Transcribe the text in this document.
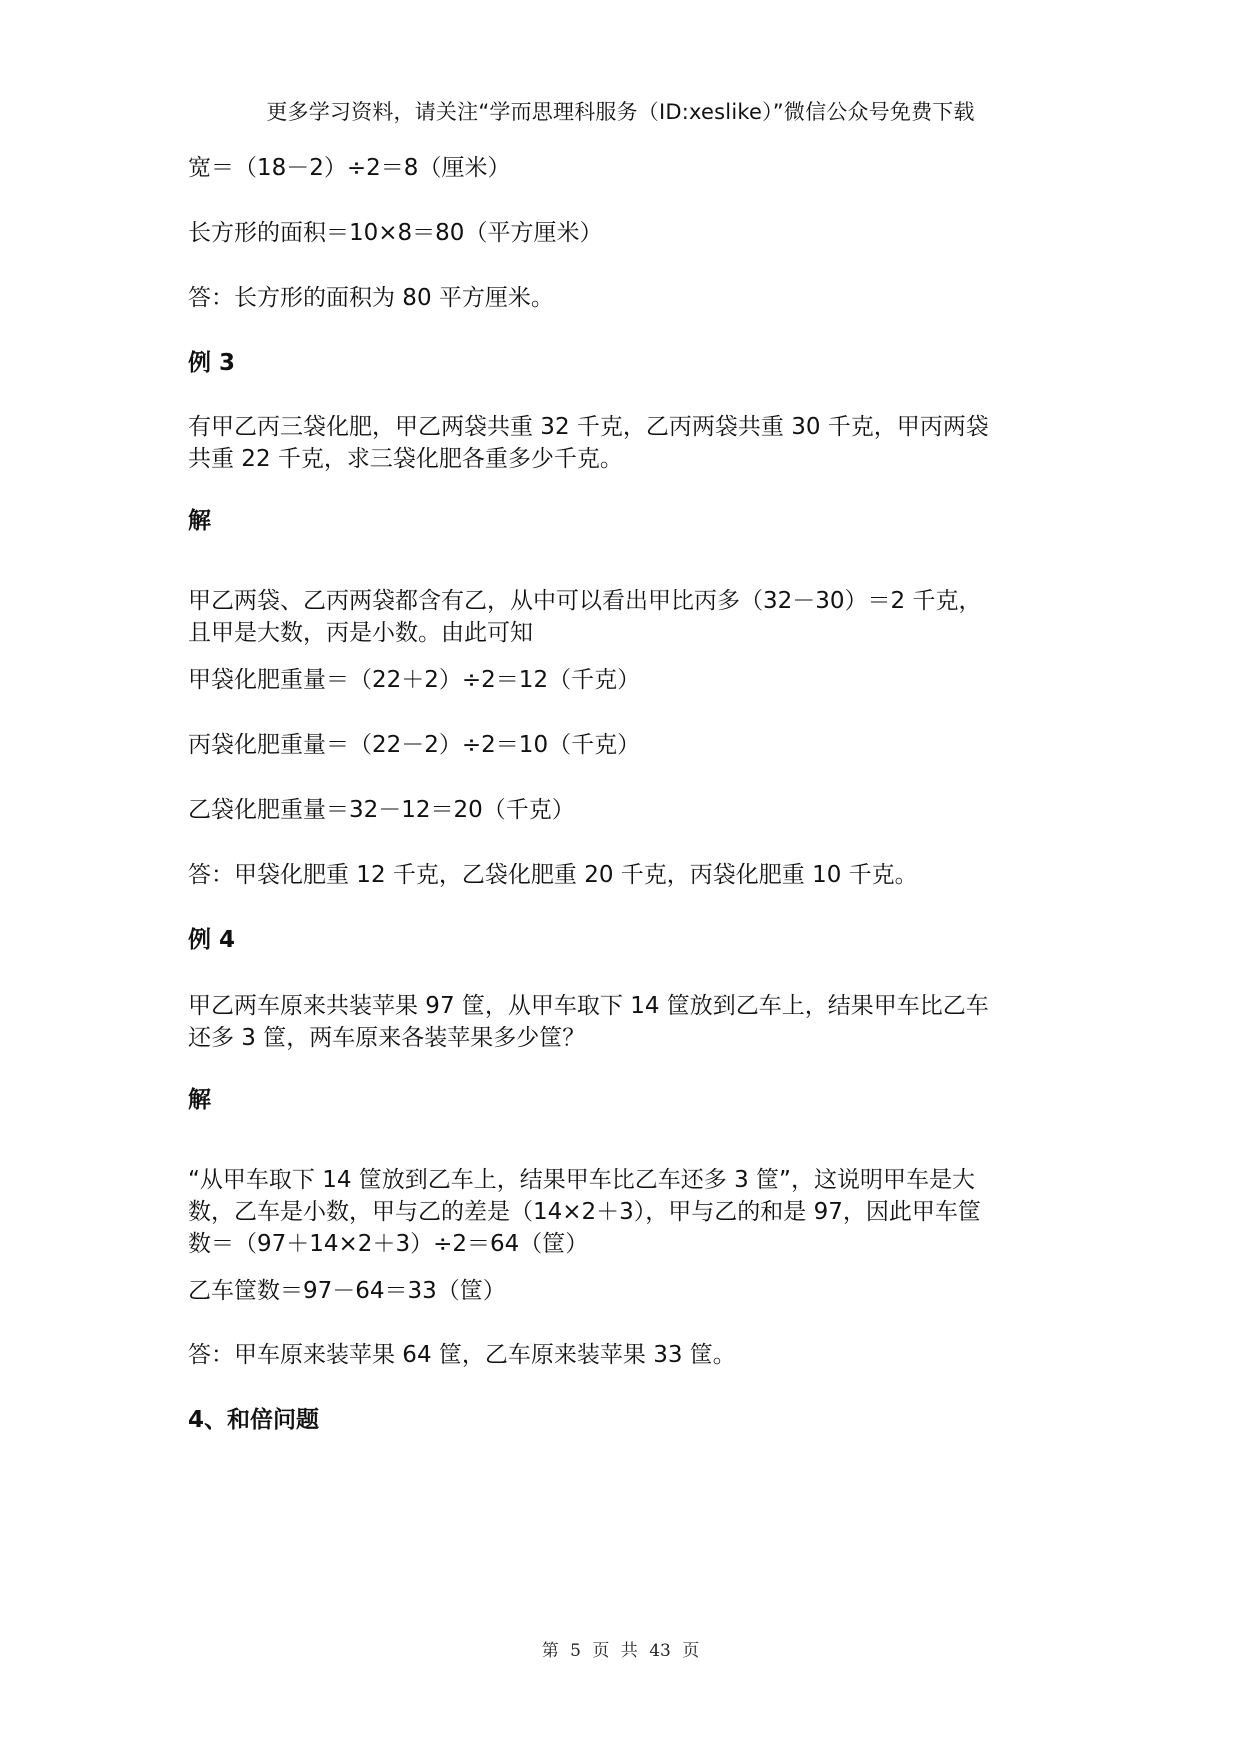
更多学习资料，请关注“学而思理科服务（ID:xeslike）”微信公众号免费下载
宽＝（18－2）÷2＝8（厘米）
长方形的面积＝10×8＝80（平方厘米）
答：长方形的面积为 80 平方厘米。
例 3
有甲乙丙三袋化肥，甲乙两袋共重 32 千克，乙丙两袋共重 30 千克，甲丙两袋
共重 22 千克，求三袋化肥各重多少千克。
解
甲乙两袋、乙丙两袋都含有乙，从中可以看出甲比丙多（32－30）＝2 千克，
且甲是大数，丙是小数。由此可知
甲袋化肥重量＝（22＋2）÷2＝12（千克）
丙袋化肥重量＝（22－2）÷2＝10（千克）
乙袋化肥重量＝32－12＝20（千克）
答：甲袋化肥重 12 千克，乙袋化肥重 20 千克，丙袋化肥重 10 千克。
例 4
甲乙两车原来共装苹果 97 筐，从甲车取下 14 筐放到乙车上，结果甲车比乙车
还多 3 筐，两车原来各装苹果多少筐？
解
“从甲车取下 14 筐放到乙车上，结果甲车比乙车还多 3 筐”，这说明甲车是大
数，乙车是小数，甲与乙的差是（14×2＋3），甲与乙的和是 97，因此甲车筐
数＝（97＋14×2＋3）÷2＝64（筐）
乙车筐数＝97－64＝33（筐）
答：甲车原来装苹果 64 筐，乙车原来装苹果 33 筐。
4、和倍问题
第 5 页 共 43 页
